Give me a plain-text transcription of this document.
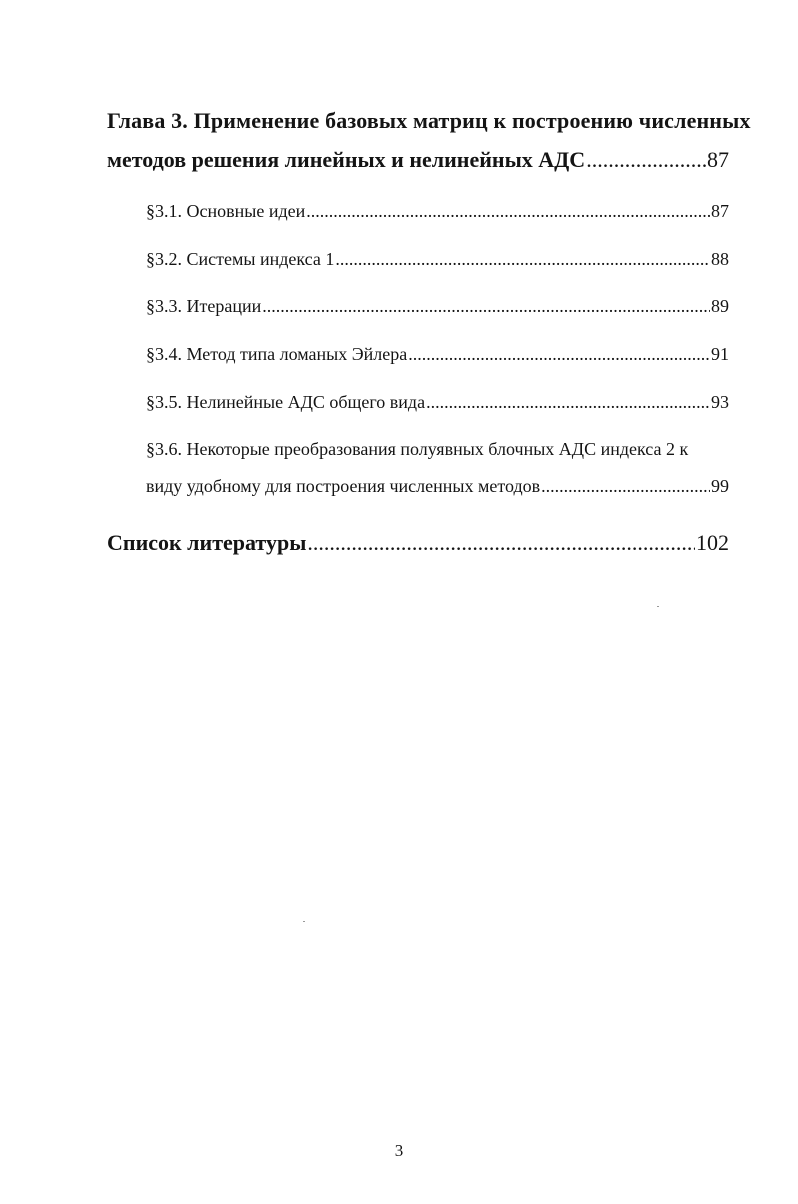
Глава 3. Применение базовых матриц к построению численных
методов решения линейных и нелинейных АДС .....	87
§3.1. Основные идеи .....	87
§3.2. Системы индекса 1 .....	88
§3.3. Итерации .....	89
§3.4. Метод типа ломаных Эйлера .....	91
§3.5. Нелинейные АДС общего вида .....	93
§3.6. Некоторые преобразования полуявных блочных АДС индекса 2 к
виду удобному для построения численных методов .....	99
Список литературы .....	102
3
